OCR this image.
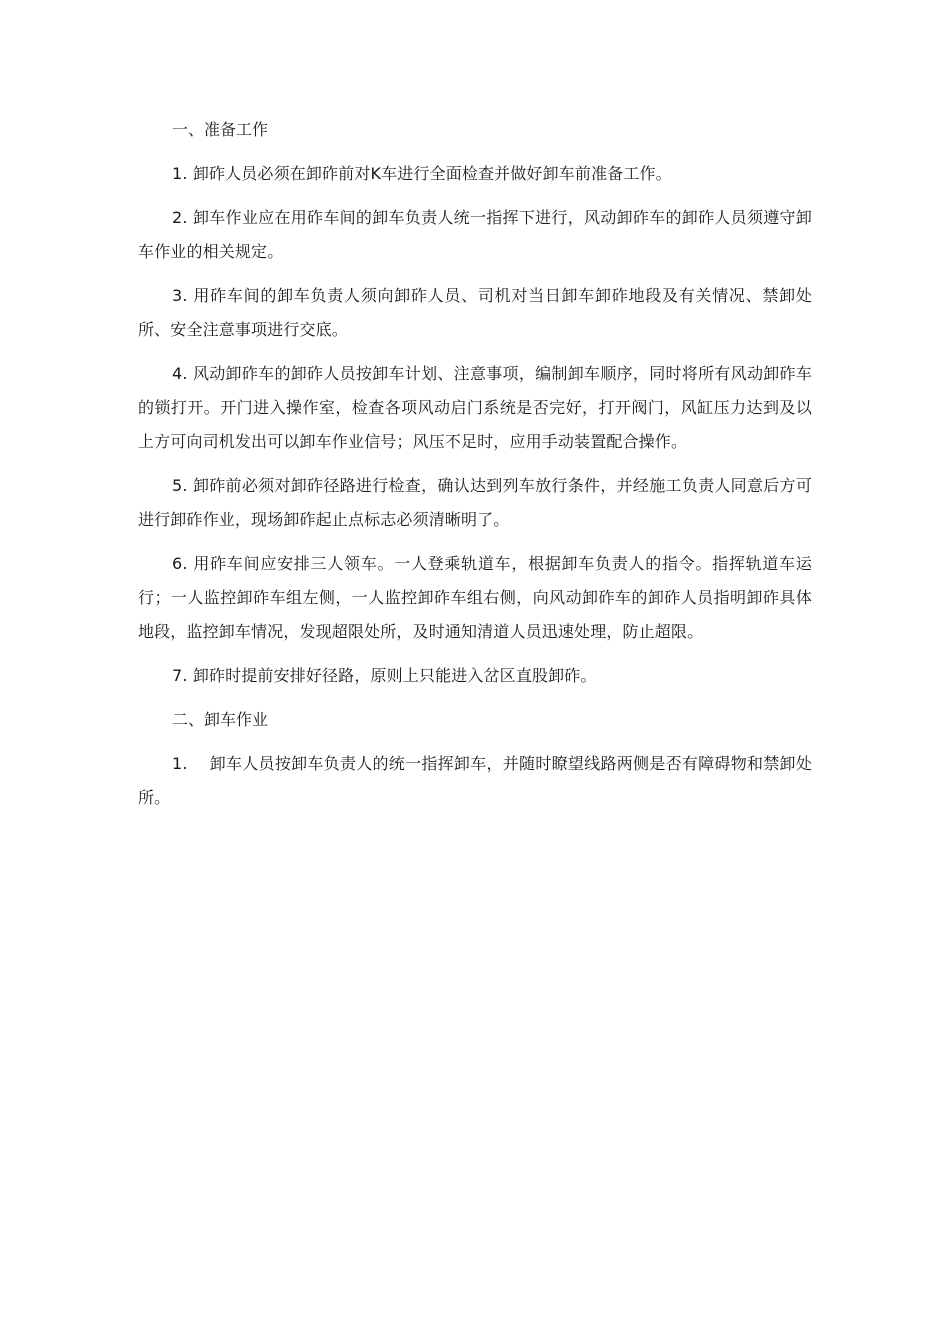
一、准备工作

1. 卸砟人员必须在卸砟前对K车进行全面检查并做好卸车前准备工作。

2. 卸车作业应在用砟车间的卸车负责人统一指挥下进行，风动卸砟车的卸砟人员须遵守卸车作业的相关规定。

3. 用砟车间的卸车负责人须向卸砟人员、司机对当日卸车卸砟地段及有关情况、禁卸处所、安全注意事项进行交底。

4. 风动卸砟车的卸砟人员按卸车计划、注意事项，编制卸车顺序，同时将所有风动卸砟车的锁打开。开门进入操作室，检查各项风动启门系统是否完好，打开阀门，风缸压力达到及以上方可向司机发出可以卸车作业信号；风压不足时，应用手动装置配合操作。

5. 卸砟前必须对卸砟径路进行检查，确认达到列车放行条件，并经施工负责人同意后方可进行卸砟作业，现场卸砟起止点标志必须清晰明了。

6. 用砟车间应安排三人领车。一人登乘轨道车，根据卸车负责人的指令。指挥轨道车运行；一人监控卸砟车组左侧，一人监控卸砟车组右侧，向风动卸砟车的卸砟人员指明卸砟具体地段，监控卸车情况，发现超限处所，及时通知清道人员迅速处理，防止超限。

7. 卸砟时提前安排好径路，原则上只能进入岔区直股卸砟。

二、卸车作业

1. 卸车人员按卸车负责人的统一指挥卸车，并随时瞭望线路两侧是否有障碍物和禁卸处所。
